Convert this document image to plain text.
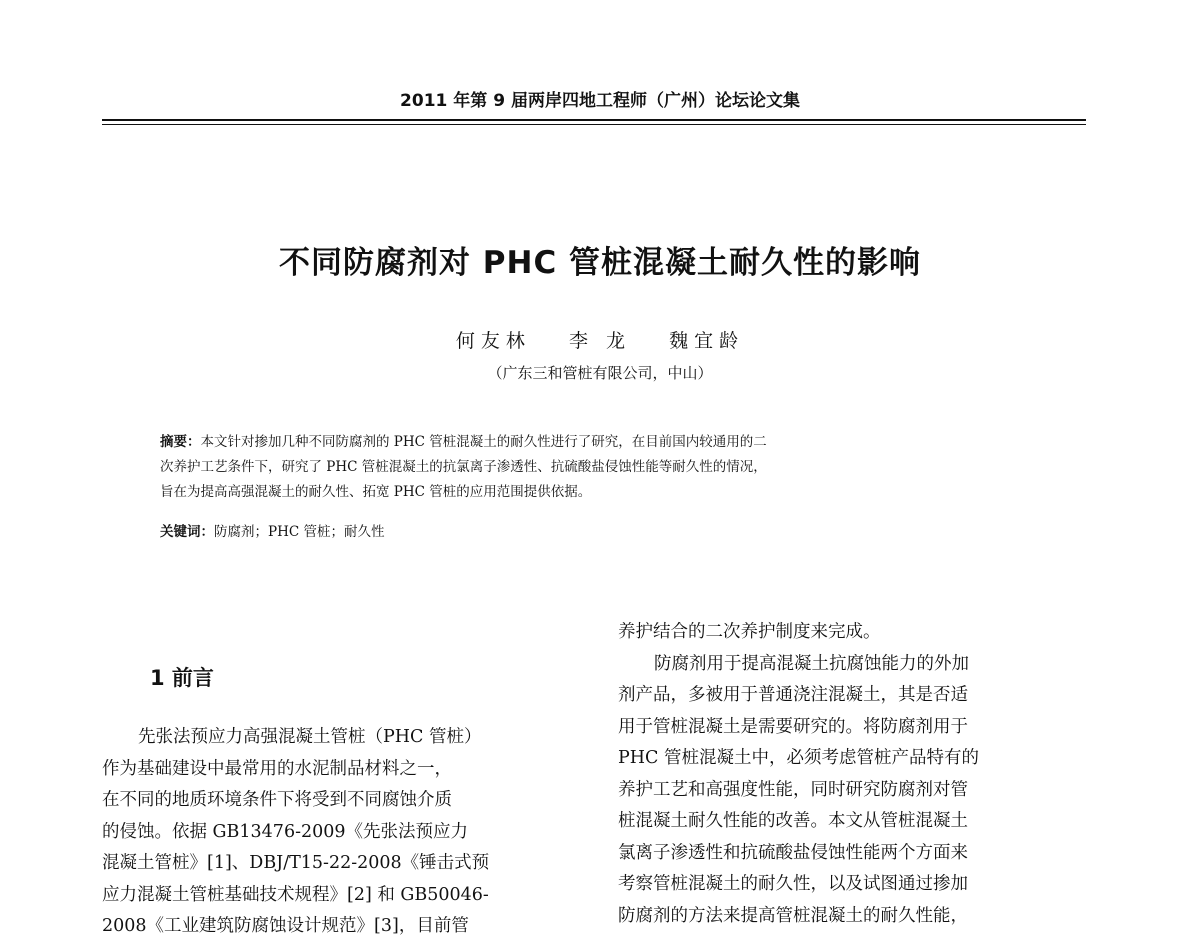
2011 年第 9 届两岸四地工程师（广州）论坛论文集
不同防腐剂对 PHC 管桩混凝土耐久性的影响
何友林 李 龙 魏宜龄
（广东三和管桩有限公司，中山）

摘要：本文针对掺加几种不同防腐剂的 PHC 管桩混凝土的耐久性进行了研究，在目前国内较通用的二

次养护工艺条件下，研究了 PHC 管桩混凝土的抗氯离子渗透性、抗硫酸盐侵蚀性能等耐久性的情况，

旨在为提高高强混凝土的耐久性、拓宽 PHC 管桩的应用范围提供依据。

关键词：防腐剂；PHC 管桩；耐久性
1 前言

先张法预应力高强混凝土管桩（PHC 管桩）

作为基础建设中最常用的水泥制品材料之一，

在不同的地质环境条件下将受到不同腐蚀介质

的侵蚀。依据 GB13476-2009《先张法预应力

混凝土管桩》[1]、DBJ/T15-22-2008《锤击式预

应力混凝土管桩基础技术规程》[2] 和 GB50046-

2008《工业建筑防腐蚀设计规范》[3]，目前管

养护结合的二次养护制度来完成。

防腐剂用于提高混凝土抗腐蚀能力的外加

剂产品，多被用于普通浇注混凝土，其是否适

用于管桩混凝土是需要研究的。将防腐剂用于

PHC 管桩混凝土中，必须考虑管桩产品特有的

养护工艺和高强度性能，同时研究防腐剂对管

桩混凝土耐久性能的改善。本文从管桩混凝土

氯离子渗透性和抗硫酸盐侵蚀性能两个方面来

考察管桩混凝土的耐久性，以及试图通过掺加

防腐剂的方法来提高管桩混凝土的耐久性能，
